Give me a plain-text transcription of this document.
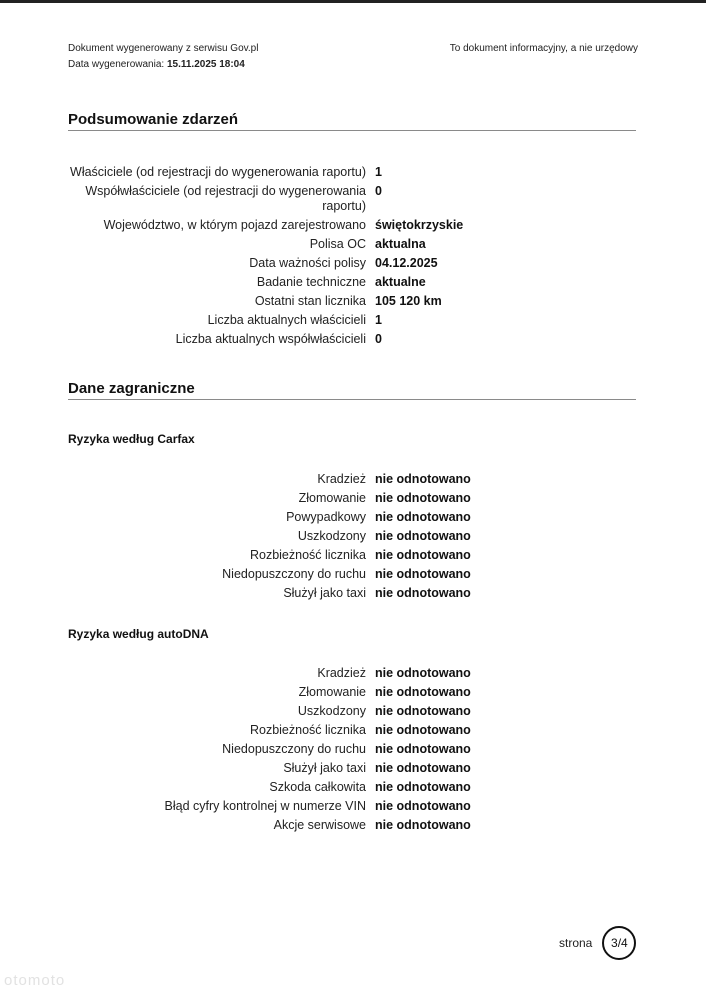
Dokument wygenerowany z serwisu Gov.pl	To dokument informacyjny, a nie urzędowy
Data wygenerowania: 15.11.2025 18:04
Podsumowanie zdarzeń
Właściciele (od rejestracji do wygenerowania raportu) 1
Współwłaściciele (od rejestracji do wygenerowania raportu)
0
Województwo, w którym pojazd zarejestrowano świętokrzyskie
Polisa OC aktualna
Data ważności polisy 04.12.2025
Badanie techniczne aktualne
Ostatni stan licznika 105 120 km
Liczba aktualnych właścicieli 1
Liczba aktualnych współwłaścicieli 0
Dane zagraniczne
Ryzyka według Carfax
Kradzież nie odnotowano
Złomowanie nie odnotowano
Powypadkowy nie odnotowano
Uszkodzony nie odnotowano
Rozbieżność licznika nie odnotowano
Niedopuszczony do ruchu nie odnotowano
Służył jako taxi nie odnotowano
Ryzyka według autoDNA
Kradzież nie odnotowano
Złomowanie nie odnotowano
Uszkodzony nie odnotowano
Rozbieżność licznika nie odnotowano
Niedopuszczony do ruchu nie odnotowano
Służył jako taxi nie odnotowano
Szkoda całkowita nie odnotowano
Błąd cyfry kontrolnej w numerze VIN nie odnotowano
Akcje serwisowe nie odnotowano
strona 3/4
otomoto
